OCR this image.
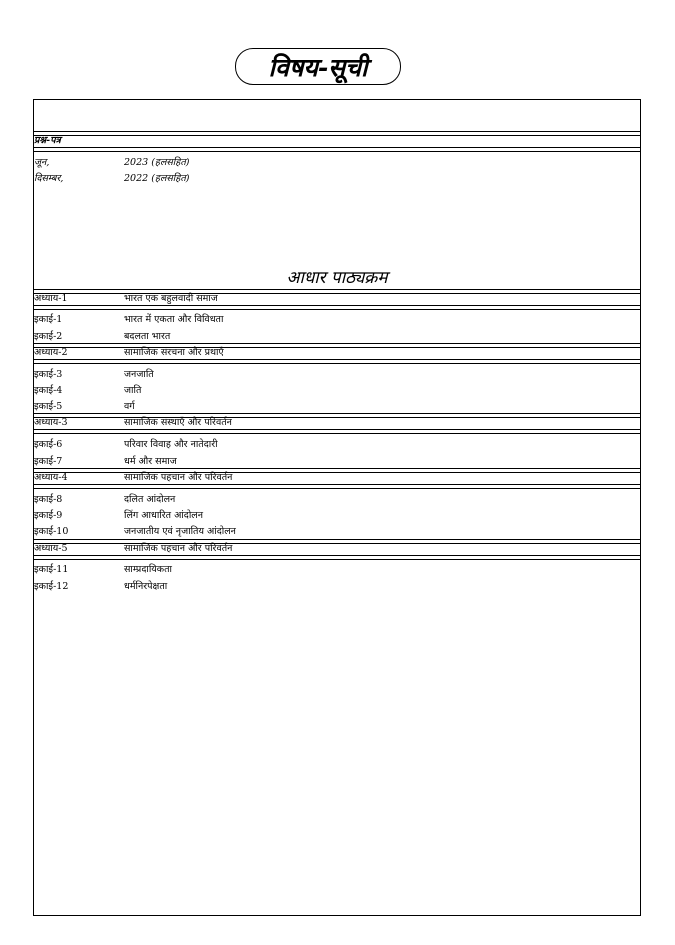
विषय-सूची
प्रश्न-पत्र
जून,	2023 (हलसहित)
दिसम्बर,	2022 (हलसहित)
आधार पाठ्यक्रम
अध्याय-1	भारत एक बहुलवादी समाज
इकाई-1	भारत में एकता और विविधता
इकाई-2	बदलता भारत
अध्याय-2	सामाजिक संरचना और प्रथाएँ
इकाई-3	जनजाति
इकाई-4	जाति
इकाई-5	वर्ग
अध्याय-3	सामाजिक संस्थाएँ और परिवर्तन
इकाई-6	परिवार विवाह और नातेदारी
इकाई-7	धर्म और समाज
अध्याय-4	सामाजिक पहचान और परिवर्तन
इकाई-8	दलित आंदोलन
इकाई-9	लिंग आधारित आंदोलन
इकाई-10	जनजातीय एवं नृजातिय आंदोलन
अध्याय-5	सामाजिक पहचान और परिवर्तन
इकाई-11	साम्प्रदायिकता
इकाई-12	धर्मनिरपेक्षता
